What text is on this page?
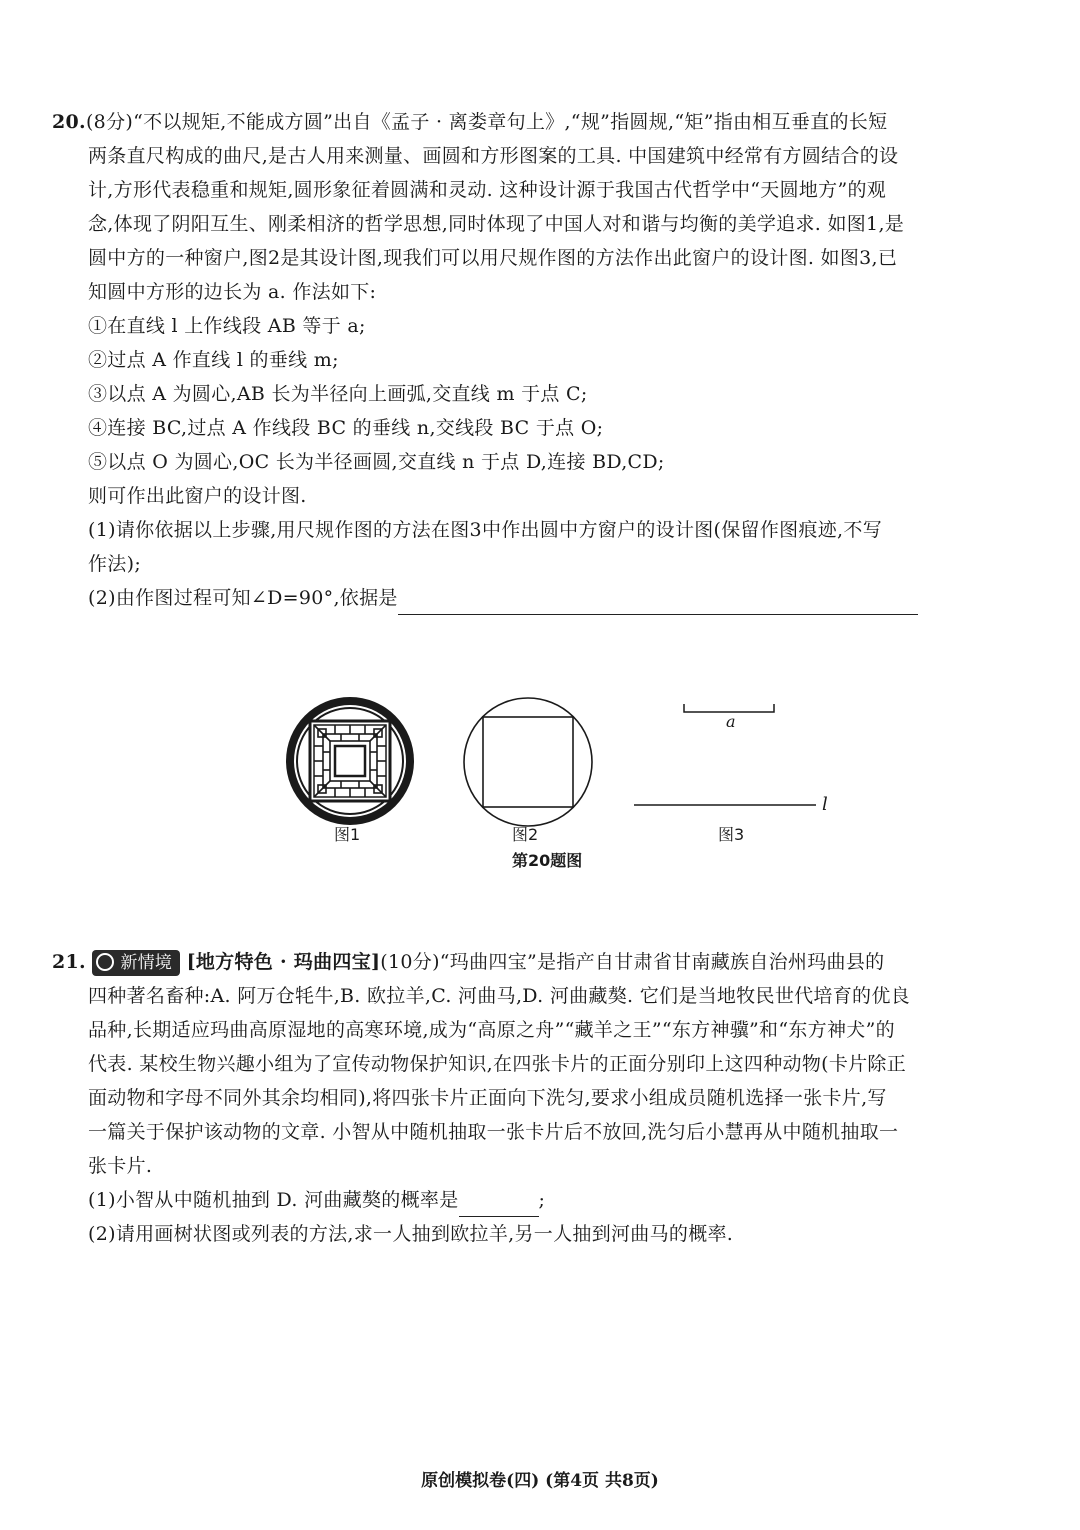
20.(8分)“不以规矩,不能成方圆”出自《孟子 · 离娄章句上》,“规”指圆规,“矩”指由相互垂直的长短
两条直尺构成的曲尺,是古人用来测量、画圆和方形图案的工具. 中国建筑中经常有方圆结合的设
计,方形代表稳重和规矩,圆形象征着圆满和灵动. 这种设计源于我国古代哲学中“天圆地方”的观
念,体现了阴阳互生、刚柔相济的哲学思想,同时体现了中国人对和谐与均衡的美学追求. 如图1,是
圆中方的一种窗户,图2是其设计图,现我们可以用尺规作图的方法作出此窗户的设计图. 如图3,已
知圆中方形的边长为 a. 作法如下:
①在直线 l 上作线段 AB 等于 a;
②过点 A 作直线 l 的垂线 m;
③以点 A 为圆心,AB 长为半径向上画弧,交直线 m 于点 C;
④连接 BC,过点 A 作线段 BC 的垂线 n,交线段 BC 于点 O;
⑤以点 O 为圆心,OC 长为半径画圆,交直线 n 于点 D,连接 BD,CD;
则可作出此窗户的设计图.
(1)请你依据以上步骤,用尺规作图的方法在图3中作出圆中方窗户的设计图(保留作图痕迹,不写
作法);
(2)由作图过程可知∠D=90°,依据是
图1	图2
a
l
图3
第20题图
21. 新情境 [地方特色 · 玛曲四宝](10分)“玛曲四宝”是指产自甘肃省甘南藏族自治州玛曲县的
四种著名畜种:A. 阿万仓牦牛,B. 欧拉羊,C. 河曲马,D. 河曲藏獒. 它们是当地牧民世代培育的优良
品种,长期适应玛曲高原湿地的高寒环境,成为“高原之舟”“藏羊之王”“东方神骥”和“东方神犬”的
代表. 某校生物兴趣小组为了宣传动物保护知识,在四张卡片的正面分别印上这四种动物(卡片除正
面动物和字母不同外其余均相同),将四张卡片正面向下洗匀,要求小组成员随机选择一张卡片,写
一篇关于保护该动物的文章. 小智从中随机抽取一张卡片后不放回,洗匀后小慧再从中随机抽取一
张卡片.
(1)小智从中随机抽到 D. 河曲藏獒的概率是	;
(2)请用画树状图或列表的方法,求一人抽到欧拉羊,另一人抽到河曲马的概率.
原创模拟卷(四) (第4页 共8页)
